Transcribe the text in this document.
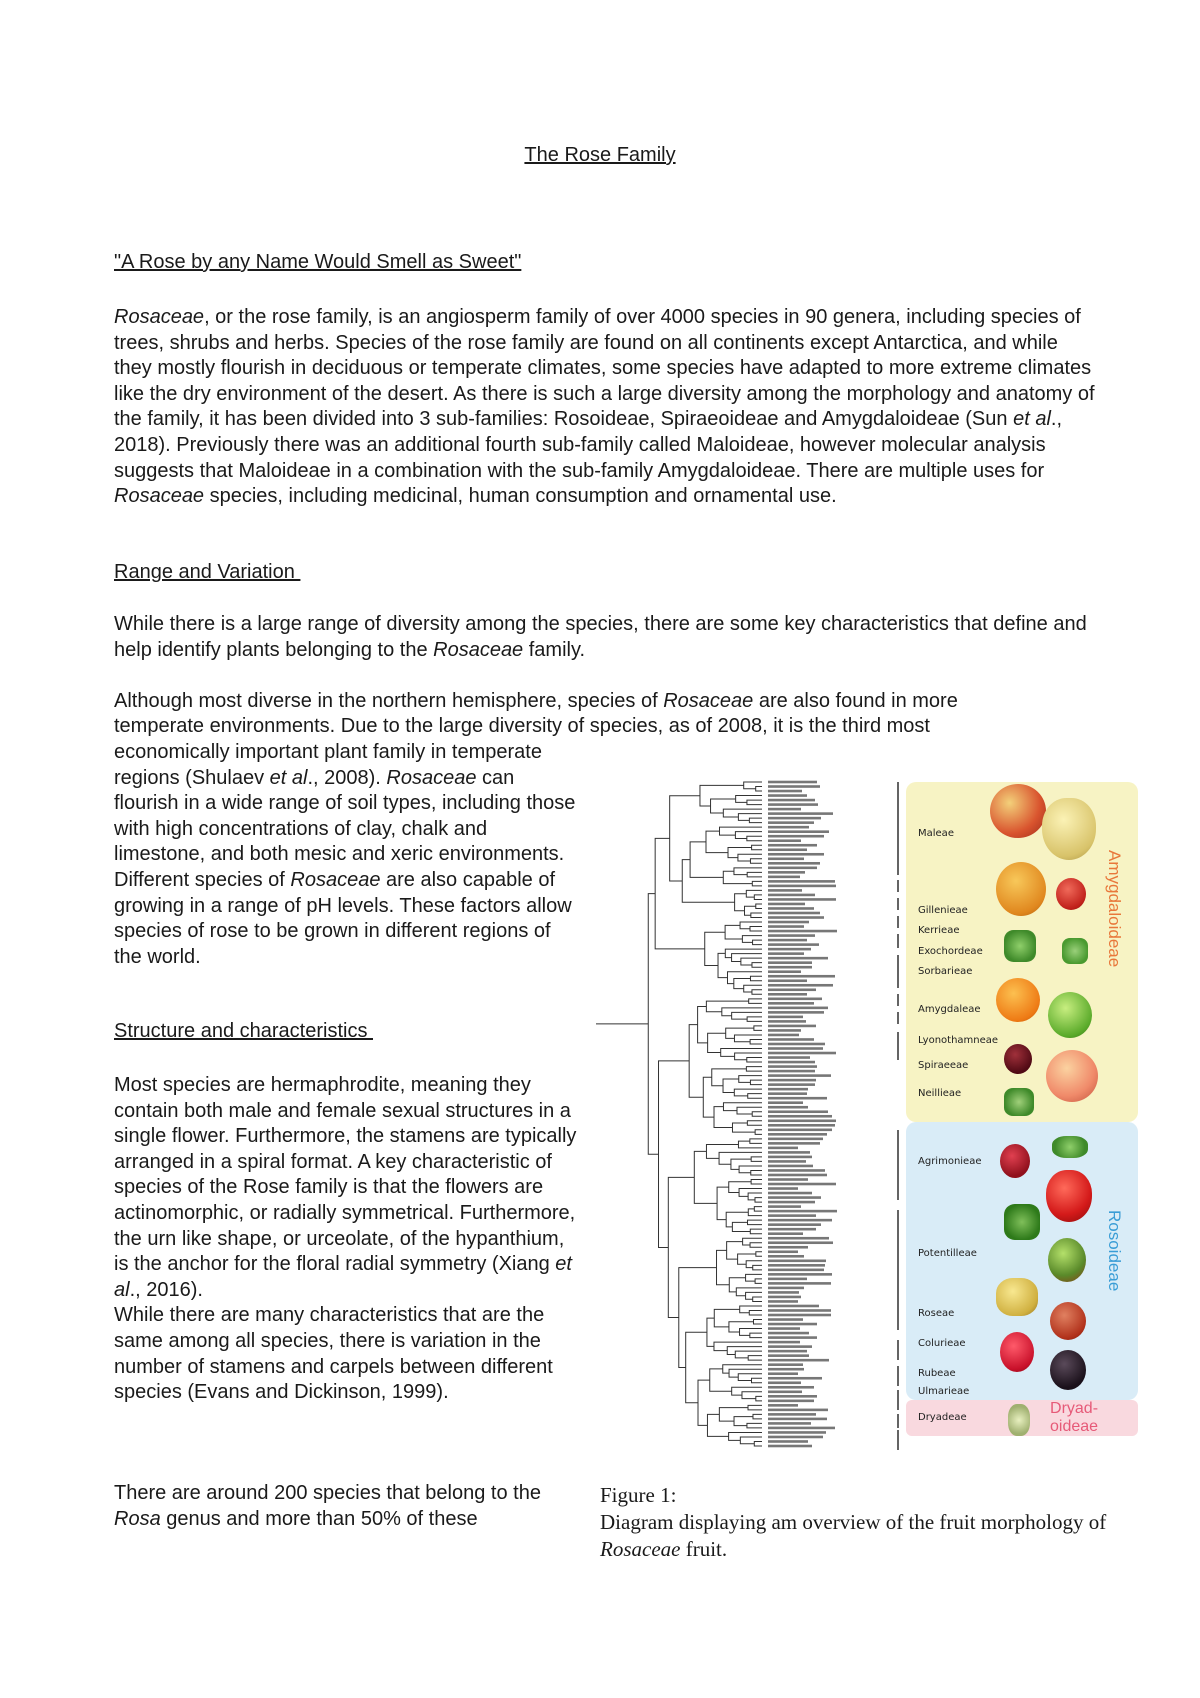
The Rose Family
"A Rose by any Name Would Smell as Sweet"
Rosaceae, or the rose family, is an angiosperm family of over 4000 species in 90 genera, including species of trees, shrubs and herbs. Species of the rose family are found on all continents except Antarctica, and while they mostly flourish in deciduous or temperate climates, some species have adapted to more extreme climates like the dry environment of the desert. As there is such a large diversity among the morphology and anatomy of the family, it has been divided into 3 sub-families: Rosoideae, Spiraeoideae and Amygdaloideae (Sun et al., 2018). Previously there was an additional fourth sub-family called Maloideae, however molecular analysis suggests that Maloideae in a combination with the sub-family Amygdaloideae. There are multiple uses for Rosaceae species, including medicinal, human consumption and ornamental use.
Range and Variation
While there is a large range of diversity among the species, there are some key characteristics that define and help identify plants belonging to the Rosaceae family.
Although most diverse in the northern hemisphere, species of Rosaceae are also found in more
temperate environments. Due to the large diversity of species, as of 2008, it is the third most
economically important plant family in temperate regions (Shulaev et al., 2008). Rosaceae can flourish in a wide range of soil types, including those with high concentrations of clay, chalk and limestone, and both mesic and xeric environments. Different species of Rosaceae are also capable of growing in a range of pH levels. These factors allow species of rose to be grown in different regions of the world.
Structure and characteristics
Most species are hermaphrodite, meaning they contain both male and female sexual structures in a single flower. Furthermore, the stamens are typically arranged in a spiral format. A key characteristic of species of the Rose family is that the flowers are actinomorphic, or radially symmetrical. Furthermore, the urn like shape, or urceolate, of the hypanthium, is the anchor for the floral radial symmetry (Xiang et al., 2016).
While there are many characteristics that are the same among all species, there is variation in the number of stamens and carpels between different species (Evans and Dickinson, 1999).
There are around 200 species that belong to the Rosa genus and more than 50% of these
Maleae
Gillenieae
Kerrieae
Exochordeae
Sorbarieae
Amygdaleae
Lyonothamneae
Spiraeeae
Neillieae
Agrimonieae
Potentilleae
Roseae
Colurieae
Rubeae
Ulmarieae
Dryadeae
Amygdaloideae
Rosoideae
Dryad-
oideae
Figure 1:
Diagram displaying am overview of the fruit morphology of Rosaceae fruit.
